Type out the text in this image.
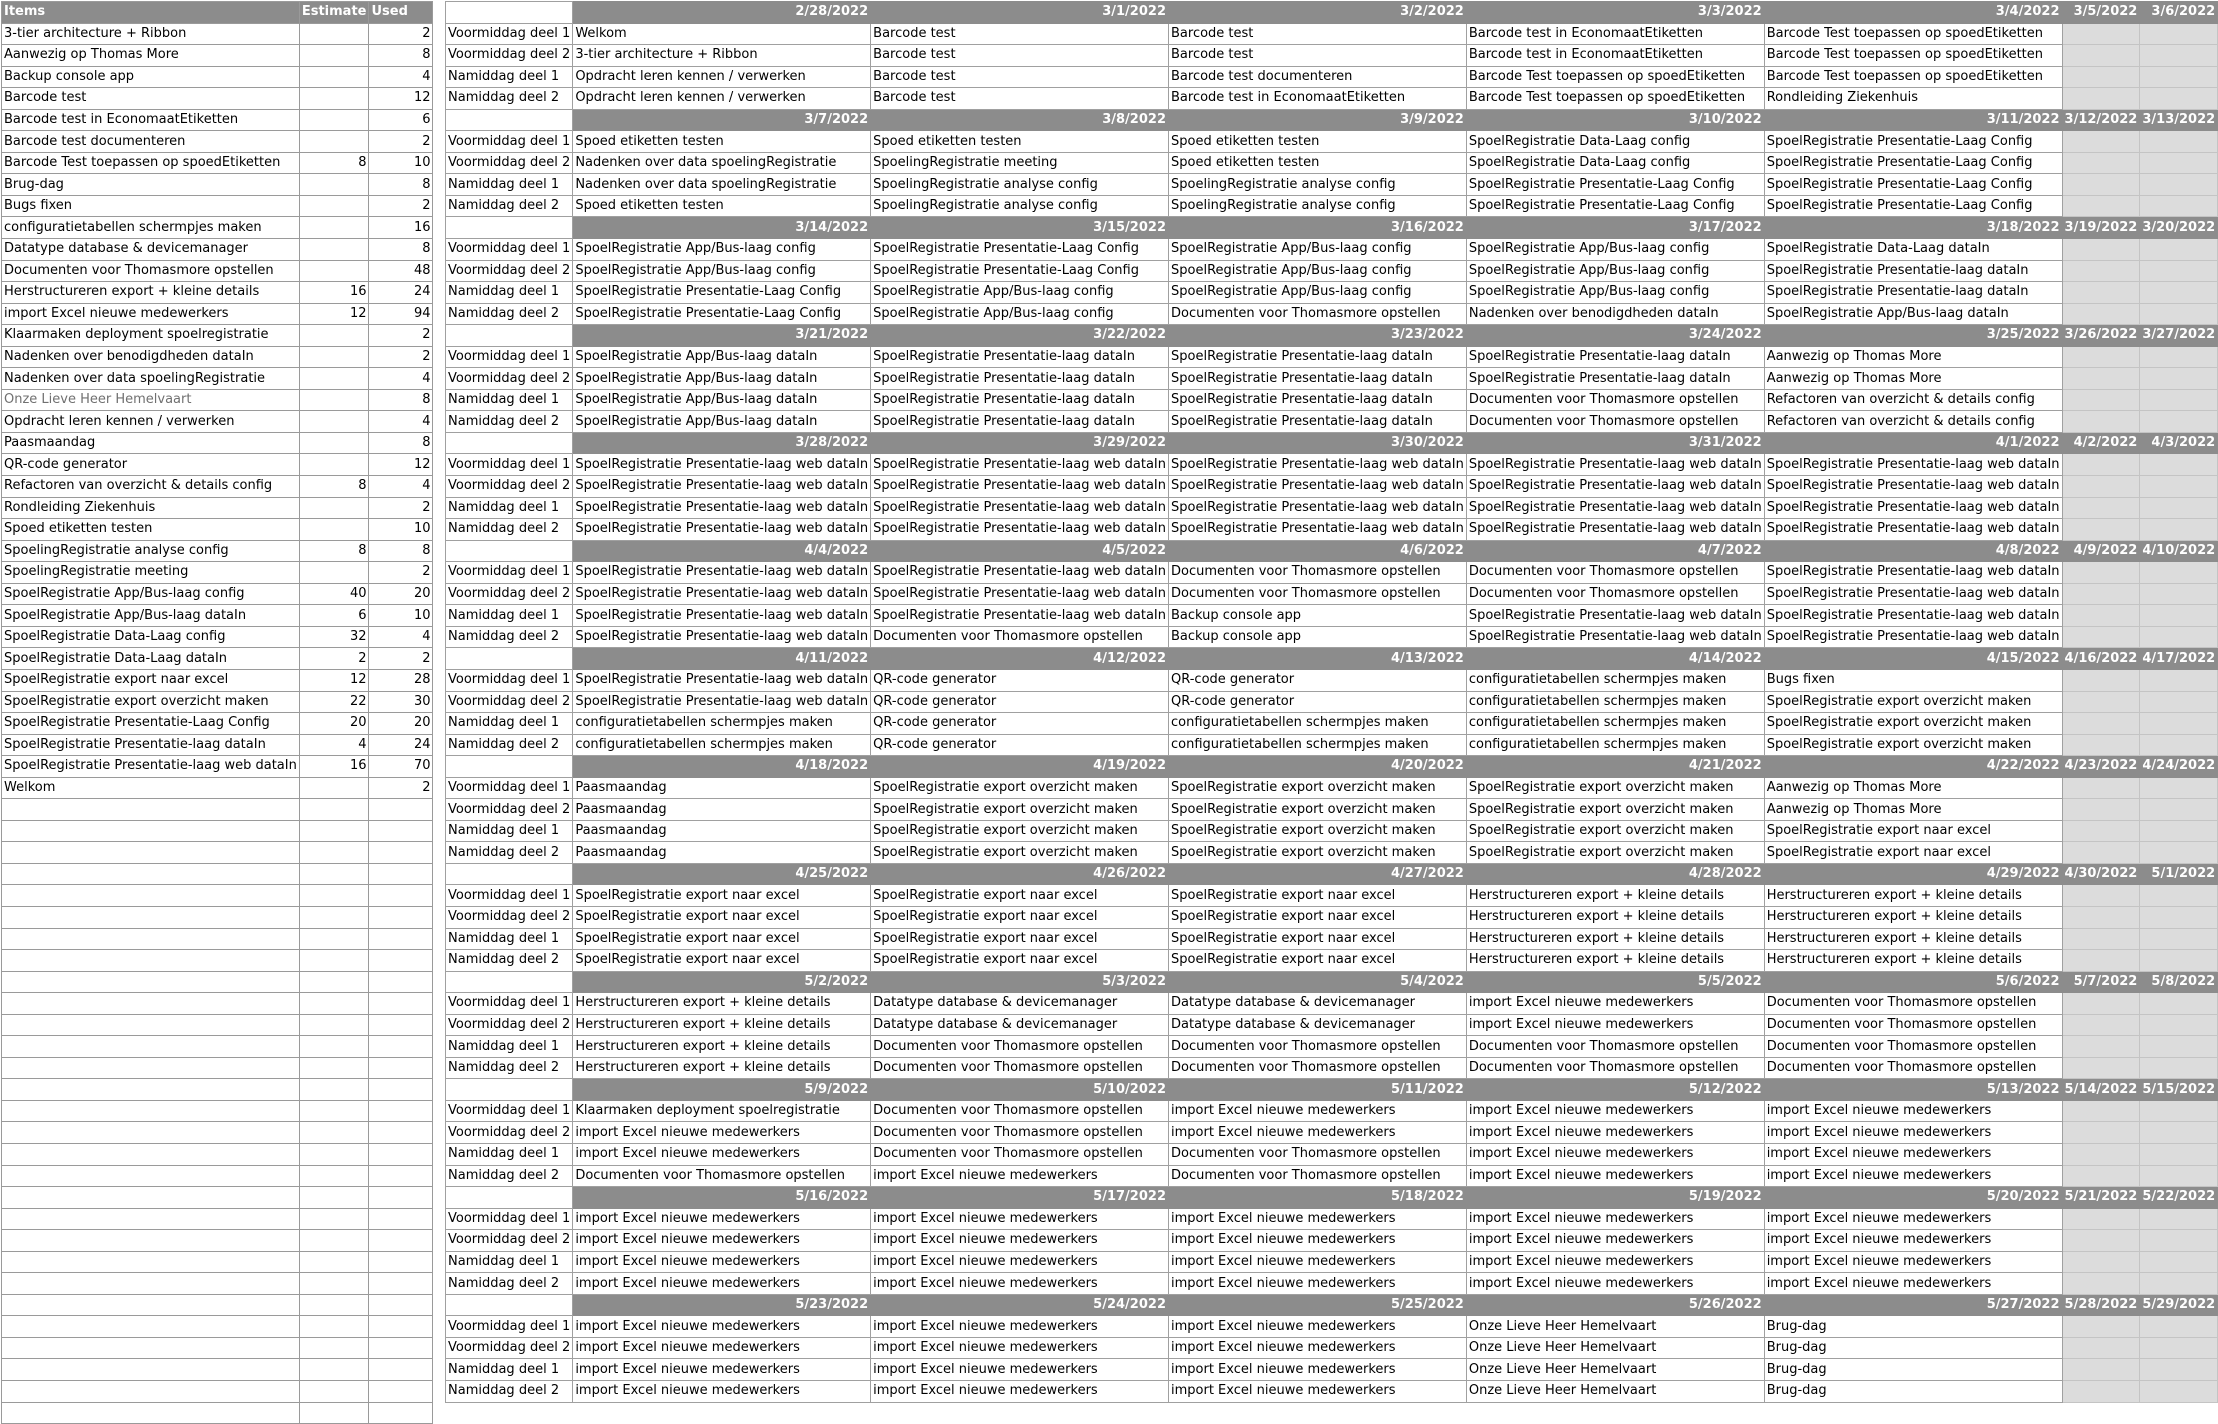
Items	Estimate	Used
3-tier architecture + Ribbon		2
Aanwezig op Thomas More		8
Backup console app		4
Barcode test		12
Barcode test in EconomaatEtiketten		6
Barcode test documenteren		2
Barcode Test toepassen op spoedEtiketten	8	10
Brug-dag		8
Bugs fixen		2
configuratietabellen schermpjes maken		16
Datatype database & devicemanager		8
Documenten voor Thomasmore opstellen		48
Herstructureren export + kleine details	16	24
import Excel nieuwe medewerkers	12	94
Klaarmaken deployment spoelregistratie		2
Nadenken over benodigdheden dataIn		2
Nadenken over data spoelingRegistratie		4
Onze Lieve Heer Hemelvaart		8
Opdracht leren kennen / verwerken		4
Paasmaandag		8
QR-code generator		12
Refactoren van overzicht & details config	8	4
Rondleiding Ziekenhuis		2
Spoed etiketten testen		10
SpoelingRegistratie analyse config	8	8
SpoelingRegistratie meeting		2
SpoelRegistratie App/Bus-laag config	40	20
SpoelRegistratie App/Bus-laag dataIn	6	10
SpoelRegistratie Data-Laag config	32	4
SpoelRegistratie Data-Laag dataIn	2	2
SpoelRegistratie export naar excel	12	28
SpoelRegistratie export overzicht maken	22	30
SpoelRegistratie Presentatie-Laag Config	20	20
SpoelRegistratie Presentatie-laag dataIn	4	24
SpoelRegistratie Presentatie-laag web dataIn	16	70
Welkom		2

	2/28/2022	3/1/2022	3/2/2022	3/3/2022	3/4/2022	3/5/2022	3/6/2022
Voormiddag deel 1	Welkom	Barcode test	Barcode test	Barcode test in EconomaatEtiketten	Barcode Test toepassen op spoedEtiketten		
Voormiddag deel 2	3-tier architecture + Ribbon	Barcode test	Barcode test	Barcode test in EconomaatEtiketten	Barcode Test toepassen op spoedEtiketten		
Namiddag deel 1	Opdracht leren kennen / verwerken	Barcode test	Barcode test documenteren	Barcode Test toepassen op spoedEtiketten	Barcode Test toepassen op spoedEtiketten		
Namiddag deel 2	Opdracht leren kennen / verwerken	Barcode test	Barcode test in EconomaatEtiketten	Barcode Test toepassen op spoedEtiketten	Rondleiding Ziekenhuis		
	3/7/2022	3/8/2022	3/9/2022	3/10/2022	3/11/2022	3/12/2022	3/13/2022
Voormiddag deel 1	Spoed etiketten testen	Spoed etiketten testen	Spoed etiketten testen	SpoelRegistratie Data-Laag config	SpoelRegistratie Presentatie-Laag Config		
Voormiddag deel 2	Nadenken over data spoelingRegistratie	SpoelingRegistratie meeting	Spoed etiketten testen	SpoelRegistratie Data-Laag config	SpoelRegistratie Presentatie-Laag Config		
Namiddag deel 1	Nadenken over data spoelingRegistratie	SpoelingRegistratie analyse config	SpoelingRegistratie analyse config	SpoelRegistratie Presentatie-Laag Config	SpoelRegistratie Presentatie-Laag Config		
Namiddag deel 2	Spoed etiketten testen	SpoelingRegistratie analyse config	SpoelingRegistratie analyse config	SpoelRegistratie Presentatie-Laag Config	SpoelRegistratie Presentatie-Laag Config		
	3/14/2022	3/15/2022	3/16/2022	3/17/2022	3/18/2022	3/19/2022	3/20/2022
Voormiddag deel 1	SpoelRegistratie App/Bus-laag config	SpoelRegistratie Presentatie-Laag Config	SpoelRegistratie App/Bus-laag config	SpoelRegistratie App/Bus-laag config	SpoelRegistratie Data-Laag dataIn		
Voormiddag deel 2	SpoelRegistratie App/Bus-laag config	SpoelRegistratie Presentatie-Laag Config	SpoelRegistratie App/Bus-laag config	SpoelRegistratie App/Bus-laag config	SpoelRegistratie Presentatie-laag dataIn		
Namiddag deel 1	SpoelRegistratie Presentatie-Laag Config	SpoelRegistratie App/Bus-laag config	SpoelRegistratie App/Bus-laag config	SpoelRegistratie App/Bus-laag config	SpoelRegistratie Presentatie-laag dataIn		
Namiddag deel 2	SpoelRegistratie Presentatie-Laag Config	SpoelRegistratie App/Bus-laag config	Documenten voor Thomasmore opstellen	Nadenken over benodigdheden dataIn	SpoelRegistratie App/Bus-laag dataIn		
	3/21/2022	3/22/2022	3/23/2022	3/24/2022	3/25/2022	3/26/2022	3/27/2022
Voormiddag deel 1	SpoelRegistratie App/Bus-laag dataIn	SpoelRegistratie Presentatie-laag dataIn	SpoelRegistratie Presentatie-laag dataIn	SpoelRegistratie Presentatie-laag dataIn	Aanwezig op Thomas More		
Voormiddag deel 2	SpoelRegistratie App/Bus-laag dataIn	SpoelRegistratie Presentatie-laag dataIn	SpoelRegistratie Presentatie-laag dataIn	SpoelRegistratie Presentatie-laag dataIn	Aanwezig op Thomas More		
Namiddag deel 1	SpoelRegistratie App/Bus-laag dataIn	SpoelRegistratie Presentatie-laag dataIn	SpoelRegistratie Presentatie-laag dataIn	Documenten voor Thomasmore opstellen	Refactoren van overzicht & details config		
Namiddag deel 2	SpoelRegistratie App/Bus-laag dataIn	SpoelRegistratie Presentatie-laag dataIn	SpoelRegistratie Presentatie-laag dataIn	Documenten voor Thomasmore opstellen	Refactoren van overzicht & details config		
	3/28/2022	3/29/2022	3/30/2022	3/31/2022	4/1/2022	4/2/2022	4/3/2022
Voormiddag deel 1	SpoelRegistratie Presentatie-laag web dataIn	SpoelRegistratie Presentatie-laag web dataIn	SpoelRegistratie Presentatie-laag web dataIn	SpoelRegistratie Presentatie-laag web dataIn	SpoelRegistratie Presentatie-laag web dataIn		
Voormiddag deel 2	SpoelRegistratie Presentatie-laag web dataIn	SpoelRegistratie Presentatie-laag web dataIn	SpoelRegistratie Presentatie-laag web dataIn	SpoelRegistratie Presentatie-laag web dataIn	SpoelRegistratie Presentatie-laag web dataIn		
Namiddag deel 1	SpoelRegistratie Presentatie-laag web dataIn	SpoelRegistratie Presentatie-laag web dataIn	SpoelRegistratie Presentatie-laag web dataIn	SpoelRegistratie Presentatie-laag web dataIn	SpoelRegistratie Presentatie-laag web dataIn		
Namiddag deel 2	SpoelRegistratie Presentatie-laag web dataIn	SpoelRegistratie Presentatie-laag web dataIn	SpoelRegistratie Presentatie-laag web dataIn	SpoelRegistratie Presentatie-laag web dataIn	SpoelRegistratie Presentatie-laag web dataIn		
	4/4/2022	4/5/2022	4/6/2022	4/7/2022	4/8/2022	4/9/2022	4/10/2022
Voormiddag deel 1	SpoelRegistratie Presentatie-laag web dataIn	SpoelRegistratie Presentatie-laag web dataIn	Documenten voor Thomasmore opstellen	Documenten voor Thomasmore opstellen	SpoelRegistratie Presentatie-laag web dataIn		
Voormiddag deel 2	SpoelRegistratie Presentatie-laag web dataIn	SpoelRegistratie Presentatie-laag web dataIn	Documenten voor Thomasmore opstellen	Documenten voor Thomasmore opstellen	SpoelRegistratie Presentatie-laag web dataIn		
Namiddag deel 1	SpoelRegistratie Presentatie-laag web dataIn	SpoelRegistratie Presentatie-laag web dataIn	Backup console app	SpoelRegistratie Presentatie-laag web dataIn	SpoelRegistratie Presentatie-laag web dataIn		
Namiddag deel 2	SpoelRegistratie Presentatie-laag web dataIn	Documenten voor Thomasmore opstellen	Backup console app	SpoelRegistratie Presentatie-laag web dataIn	SpoelRegistratie Presentatie-laag web dataIn		
	4/11/2022	4/12/2022	4/13/2022	4/14/2022	4/15/2022	4/16/2022	4/17/2022
Voormiddag deel 1	SpoelRegistratie Presentatie-laag web dataIn	QR-code generator	QR-code generator	configuratietabellen schermpjes maken	Bugs fixen		
Voormiddag deel 2	SpoelRegistratie Presentatie-laag web dataIn	QR-code generator	QR-code generator	configuratietabellen schermpjes maken	SpoelRegistratie export overzicht maken		
Namiddag deel 1	configuratietabellen schermpjes maken	QR-code generator	configuratietabellen schermpjes maken	configuratietabellen schermpjes maken	SpoelRegistratie export overzicht maken		
Namiddag deel 2	configuratietabellen schermpjes maken	QR-code generator	configuratietabellen schermpjes maken	configuratietabellen schermpjes maken	SpoelRegistratie export overzicht maken		
	4/18/2022	4/19/2022	4/20/2022	4/21/2022	4/22/2022	4/23/2022	4/24/2022
Voormiddag deel 1	Paasmaandag	SpoelRegistratie export overzicht maken	SpoelRegistratie export overzicht maken	SpoelRegistratie export overzicht maken	Aanwezig op Thomas More		
Voormiddag deel 2	Paasmaandag	SpoelRegistratie export overzicht maken	SpoelRegistratie export overzicht maken	SpoelRegistratie export overzicht maken	Aanwezig op Thomas More		
Namiddag deel 1	Paasmaandag	SpoelRegistratie export overzicht maken	SpoelRegistratie export overzicht maken	SpoelRegistratie export overzicht maken	SpoelRegistratie export naar excel		
Namiddag deel 2	Paasmaandag	SpoelRegistratie export overzicht maken	SpoelRegistratie export overzicht maken	SpoelRegistratie export overzicht maken	SpoelRegistratie export naar excel		
	4/25/2022	4/26/2022	4/27/2022	4/28/2022	4/29/2022	4/30/2022	5/1/2022
Voormiddag deel 1	SpoelRegistratie export naar excel	SpoelRegistratie export naar excel	SpoelRegistratie export naar excel	Herstructureren export + kleine details	Herstructureren export + kleine details		
Voormiddag deel 2	SpoelRegistratie export naar excel	SpoelRegistratie export naar excel	SpoelRegistratie export naar excel	Herstructureren export + kleine details	Herstructureren export + kleine details		
Namiddag deel 1	SpoelRegistratie export naar excel	SpoelRegistratie export naar excel	SpoelRegistratie export naar excel	Herstructureren export + kleine details	Herstructureren export + kleine details		
Namiddag deel 2	SpoelRegistratie export naar excel	SpoelRegistratie export naar excel	SpoelRegistratie export naar excel	Herstructureren export + kleine details	Herstructureren export + kleine details		
	5/2/2022	5/3/2022	5/4/2022	5/5/2022	5/6/2022	5/7/2022	5/8/2022
Voormiddag deel 1	Herstructureren export + kleine details	Datatype database & devicemanager	Datatype database & devicemanager	import Excel nieuwe medewerkers	Documenten voor Thomasmore opstellen		
Voormiddag deel 2	Herstructureren export + kleine details	Datatype database & devicemanager	Datatype database & devicemanager	import Excel nieuwe medewerkers	Documenten voor Thomasmore opstellen		
Namiddag deel 1	Herstructureren export + kleine details	Documenten voor Thomasmore opstellen	Documenten voor Thomasmore opstellen	Documenten voor Thomasmore opstellen	Documenten voor Thomasmore opstellen		
Namiddag deel 2	Herstructureren export + kleine details	Documenten voor Thomasmore opstellen	Documenten voor Thomasmore opstellen	Documenten voor Thomasmore opstellen	Documenten voor Thomasmore opstellen		
	5/9/2022	5/10/2022	5/11/2022	5/12/2022	5/13/2022	5/14/2022	5/15/2022
Voormiddag deel 1	Klaarmaken deployment spoelregistratie	Documenten voor Thomasmore opstellen	import Excel nieuwe medewerkers	import Excel nieuwe medewerkers	import Excel nieuwe medewerkers		
Voormiddag deel 2	import Excel nieuwe medewerkers	Documenten voor Thomasmore opstellen	import Excel nieuwe medewerkers	import Excel nieuwe medewerkers	import Excel nieuwe medewerkers		
Namiddag deel 1	import Excel nieuwe medewerkers	Documenten voor Thomasmore opstellen	Documenten voor Thomasmore opstellen	import Excel nieuwe medewerkers	import Excel nieuwe medewerkers		
Namiddag deel 2	Documenten voor Thomasmore opstellen	import Excel nieuwe medewerkers	Documenten voor Thomasmore opstellen	import Excel nieuwe medewerkers	import Excel nieuwe medewerkers		
	5/16/2022	5/17/2022	5/18/2022	5/19/2022	5/20/2022	5/21/2022	5/22/2022
Voormiddag deel 1	import Excel nieuwe medewerkers	import Excel nieuwe medewerkers	import Excel nieuwe medewerkers	import Excel nieuwe medewerkers	import Excel nieuwe medewerkers		
Voormiddag deel 2	import Excel nieuwe medewerkers	import Excel nieuwe medewerkers	import Excel nieuwe medewerkers	import Excel nieuwe medewerkers	import Excel nieuwe medewerkers		
Namiddag deel 1	import Excel nieuwe medewerkers	import Excel nieuwe medewerkers	import Excel nieuwe medewerkers	import Excel nieuwe medewerkers	import Excel nieuwe medewerkers		
Namiddag deel 2	import Excel nieuwe medewerkers	import Excel nieuwe medewerkers	import Excel nieuwe medewerkers	import Excel nieuwe medewerkers	import Excel nieuwe medewerkers		
	5/23/2022	5/24/2022	5/25/2022	5/26/2022	5/27/2022	5/28/2022	5/29/2022
Voormiddag deel 1	import Excel nieuwe medewerkers	import Excel nieuwe medewerkers	import Excel nieuwe medewerkers	Onze Lieve Heer Hemelvaart	Brug-dag		
Voormiddag deel 2	import Excel nieuwe medewerkers	import Excel nieuwe medewerkers	import Excel nieuwe medewerkers	Onze Lieve Heer Hemelvaart	Brug-dag		
Namiddag deel 1	import Excel nieuwe medewerkers	import Excel nieuwe medewerkers	import Excel nieuwe medewerkers	Onze Lieve Heer Hemelvaart	Brug-dag		
Namiddag deel 2	import Excel nieuwe medewerkers	import Excel nieuwe medewerkers	import Excel nieuwe medewerkers	Onze Lieve Heer Hemelvaart	Brug-dag		
